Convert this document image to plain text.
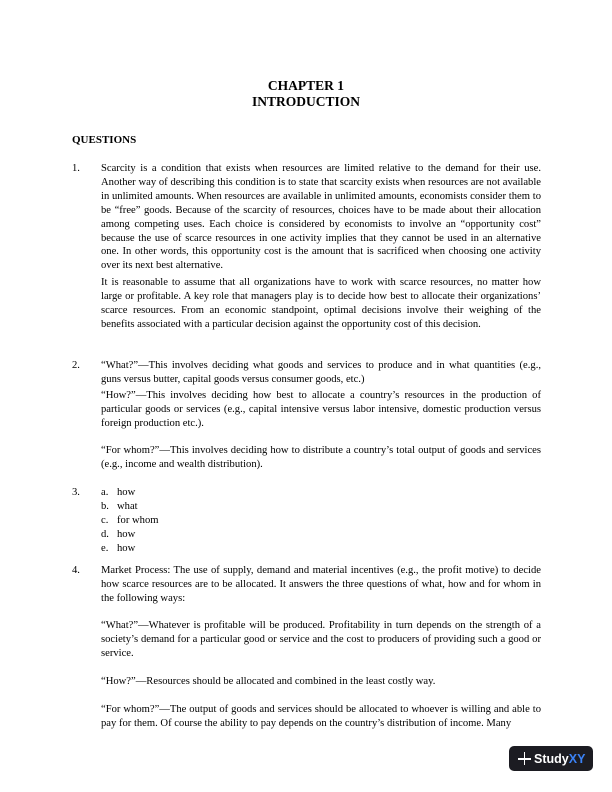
CHAPTER 1
INTRODUCTION
QUESTIONS
1. Scarcity is a condition that exists when resources are limited relative to the demand for their use. Another way of describing this condition is to state that scarcity exists when resources are not available in unlimited amounts. When resources are available in unlimited amounts, economists consider them to be “free” goods. Because of the scarcity of resources, choices have to be made about their allocation among competing uses. Each choice is considered by economists to involve an “opportunity cost” because the use of scarce resources in one activity implies that they cannot be used in an alternative one. In other words, this opportunity cost is the amount that is sacrificed when choosing one activity over its next best alternative.

It is reasonable to assume that all organizations have to work with scarce resources, no matter how large or profitable. A key role that managers play is to decide how best to allocate their organizations’ scarce resources. From an economic standpoint, optimal decisions involve their weighing of the benefits associated with a particular decision against the opportunity cost of this decision.

2. “What?”—This involves deciding what goods and services to produce and in what quantities (e.g., guns versus butter, capital goods versus consumer goods, etc.)

“How?”—This involves deciding how best to allocate a country’s resources in the production of particular goods or services (e.g., capital intensive versus labor intensive, domestic production versus foreign production etc.).

“For whom?”—This involves deciding how to distribute a country’s total output of goods and services (e.g., income and wealth distribution).

3. a. how
b. what
c. for whom
d. how
e. how
4. Market Process: The use of supply, demand and material incentives (e.g., the profit motive) to decide how scarce resources are to be allocated. It answers the three questions of what, how and for whom in the following ways:

“What?”—Whatever is profitable will be produced. Profitability in turn depends on the strength of a society’s demand for a particular good or service and the cost to producers of providing such a good or service.

“How?”—Resources should be allocated and combined in the least costly way.

“For whom?”—The output of goods and services should be allocated to whoever is willing and able to pay for them. Of course the ability to pay depends on the country’s distribution of income. Many

Study XY
